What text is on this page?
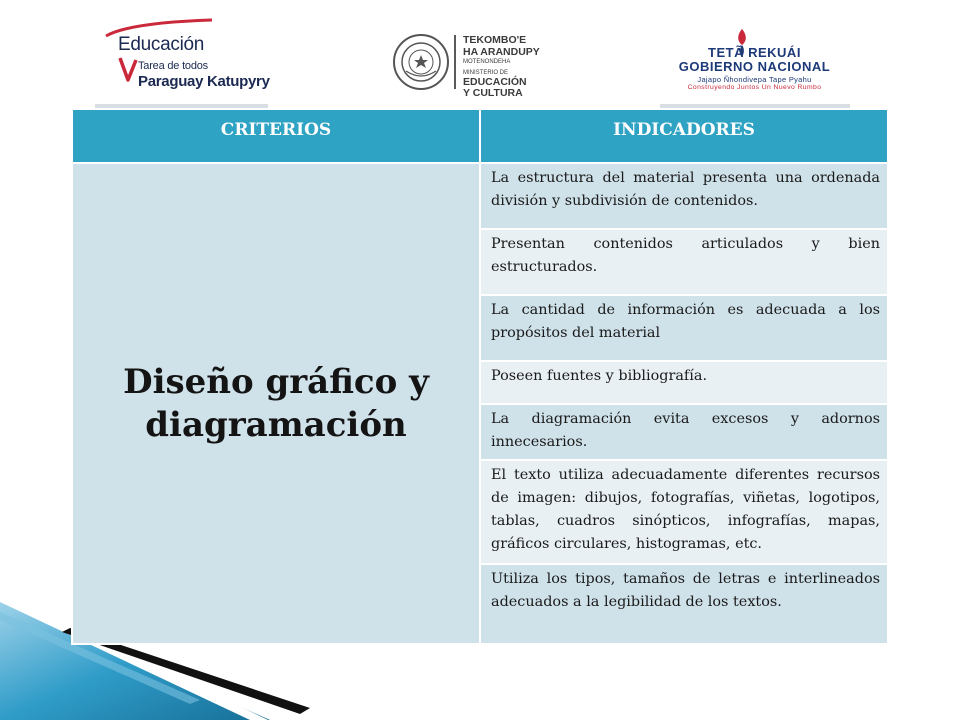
Educación
Tarea de todos
Paraguay Katupyry
TEKOMBO'E
HA ARANDUPY
MOTENONDEHA
MINISTERIO DE
EDUCACIÓN
Y CULTURA
TETÃ REKUÁI
GOBIERNO NACIONAL
Jajapo Ñhondivepa Tape Pyahu
Construyendo Juntos Un Nuevo Rumbo
CRITERIOS	INDICADORES

Diseño gráfico y diagramación	La estructura del material presenta una ordenada división y subdivisión de contenidos.
	Presentan contenidos articulados y bien estructurados.
	La cantidad de información es adecuada a los propósitos del material
	Poseen fuentes y bibliografía.
	La diagramación evita excesos y adornos innecesarios.
	El texto utiliza adecuadamente diferentes recursos de imagen: dibujos, fotografías, viñetas, logotipos, tablas, cuadros sinópticos, infografías, mapas, gráficos circulares, histogramas, etc.
	Utiliza los tipos, tamaños de letras e interlineados adecuados a la legibilidad de los textos.
